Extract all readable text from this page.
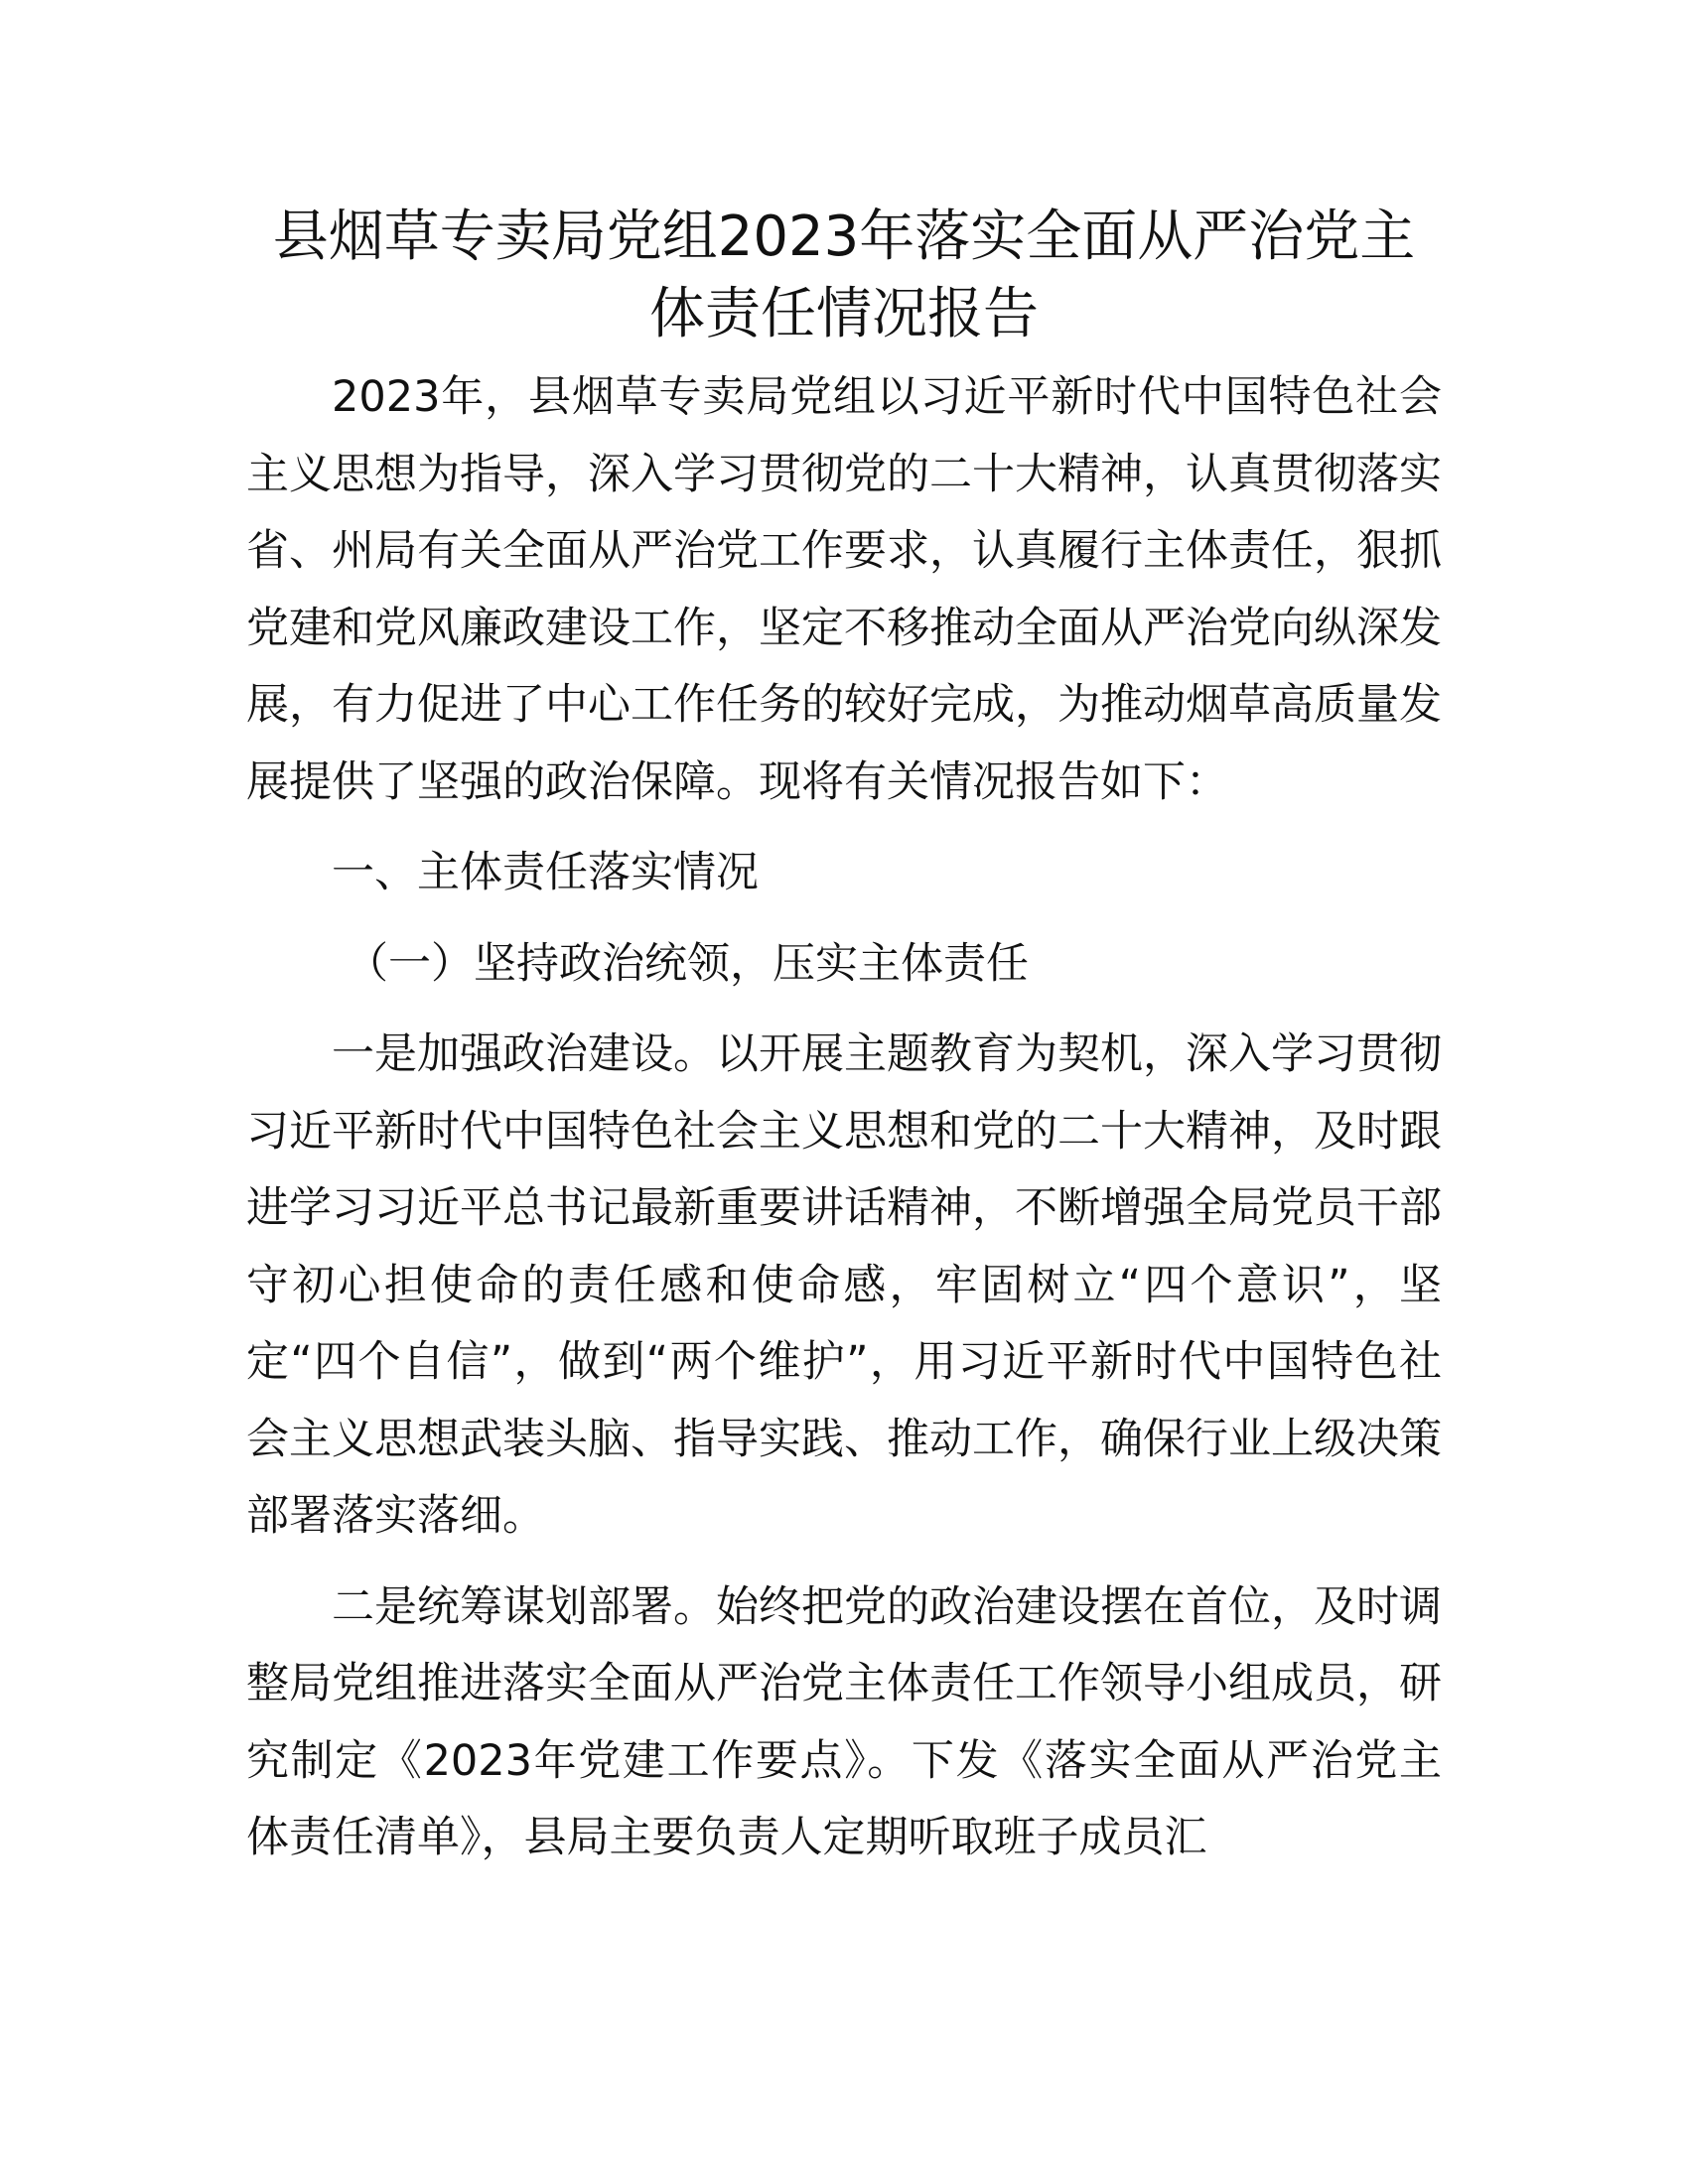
县烟草专卖局党组2023年落实全面从严治党主体责任情况报告

2023年，县烟草专卖局党组以习近平新时代中国特色社会主义思想为指导，深入学习贯彻党的二十大精神，认真贯彻落实省、州局有关全面从严治党工作要求，认真履行主体责任，狠抓党建和党风廉政建设工作，坚定不移推动全面从严治党向纵深发展，有力促进了中心工作任务的较好完成，为推动烟草高质量发展提供了坚强的政治保障。现将有关情况报告如下：

一、主体责任落实情况

（一）坚持政治统领，压实主体责任

一是加强政治建设。以开展主题教育为契机，深入学习贯彻习近平新时代中国特色社会主义思想和党的二十大精神，及时跟进学习习近平总书记最新重要讲话精神，不断增强全局党员干部守初心担使命的责任感和使命感，牢固树立“四个意识”，坚定“四个自信”，做到“两个维护”，用习近平新时代中国特色社会主义思想武装头脑、指导实践、推动工作，确保行业上级决策部署落实落细。

二是统筹谋划部署。始终把党的政治建设摆在首位，及时调整局党组推进落实全面从严治党主体责任工作领导小组成员，研究制定《2023年党建工作要点》。下发《落实全面从严治党主体责任清单》，县局主要负责人定期听取班子成员汇
